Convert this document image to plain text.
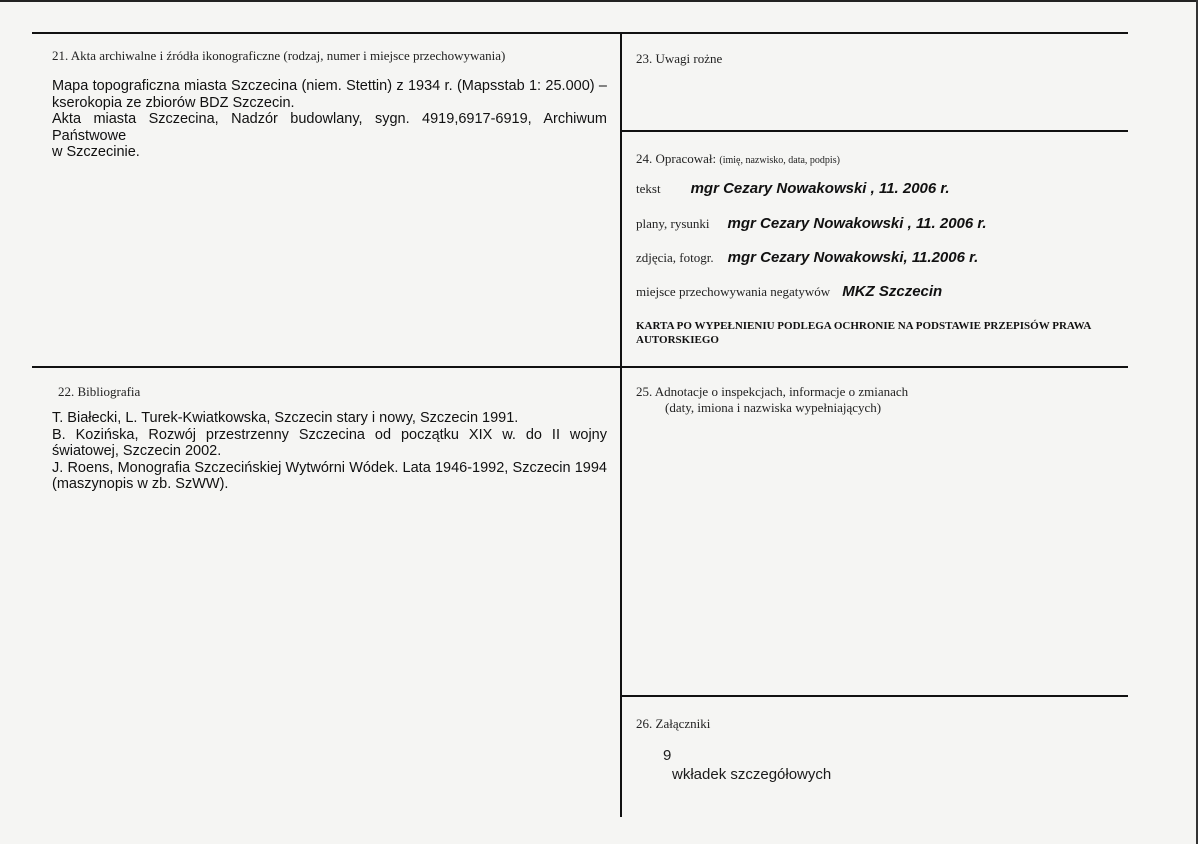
21. Akta archiwalne i źródła ikonograficzne (rodzaj, numer i miejsce przechowywania)

Mapa topograficzna miasta Szczecina (niem. Stettin) z 1934 r. (Mapsstab 1: 25.000) – kserokopia ze zbiorów BDZ Szczecin.

Akta miasta Szczecina, Nadzór budowlany, sygn. 4919,6917-6919, Archiwum Państwowe

w Szczecinie.

23. Uwagi rożne
24. Opracował: (imię, nazwisko, data, podpis)
tekst mgr Cezary Nowakowski , 11. 2006 r.
plany, rysunki mgr Cezary Nowakowski , 11. 2006 r.
zdjęcia, fotogr. mgr Cezary Nowakowski, 11.2006 r.
miejsce przechowywania negatywów MKZ Szczecin
KARTA PO WYPEŁNIENIU PODLEGA OCHRONIE NA PODSTAWIE PRZEPISÓW PRAWA AUTORSKIEGO
22. Bibliografia

T. Białecki, L. Turek-Kwiatkowska, Szczecin stary i nowy, Szczecin 1991.

B. Kozińska, Rozwój przestrzenny Szczecina od początku XIX w. do II wojny światowej, Szczecin 2002.

J. Roens, Monografia Szczecińskiej Wytwórni Wódek. Lata 1946-1992, Szczecin 1994 (maszynopis w zb. SzWW).

25. Adnotacje o inspekcjach, informacje o zmianach
(daty, imiona i nazwiska wypełniających)
26. Załączniki
9
wkładek szczegółowych
